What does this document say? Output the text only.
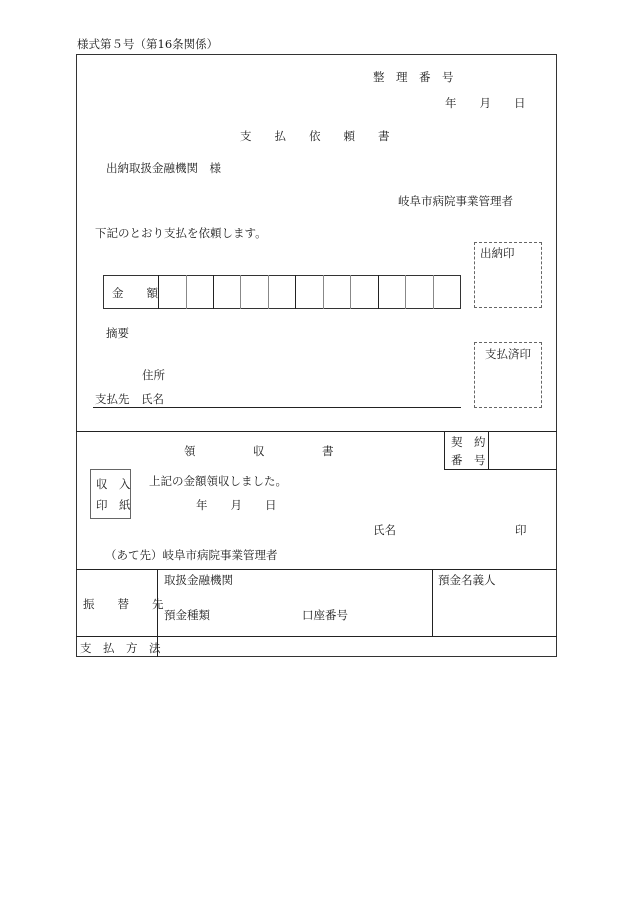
様式第５号（第16条関係）
整　理　番　号
年　　月　　日
支　　払　　依　　頼　　書
出納取扱金融機関　様
岐阜市病院事業管理者
下記のとおり支払を依頼します。
出納印
支払済印
金　　額
摘要
住所
支払先　氏名
領　　　　　収　　　　　書
契　約
番　号
収　入
印　紙
上記の金額領収しました。
年　　月　　日
氏名	印
（あて先）岐阜市病院事業管理者
振　　替　　先
取扱金融機関	預金名義人
預金種類	口座番号
支　払　方　法
